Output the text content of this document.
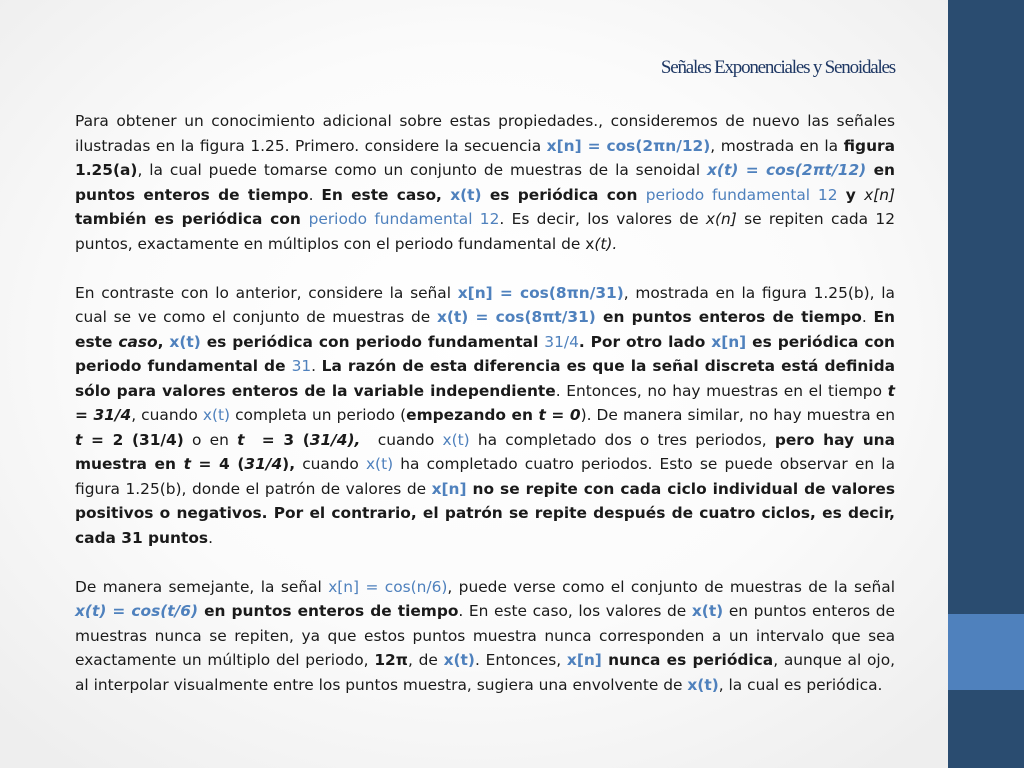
Señales Exponenciales y Senoidales

Para obtener un conocimiento adicional sobre estas propiedades., consideremos de nuevo las señales ilustradas en la figura 1.25. Primero. considere la secuencia x[n] = cos(2πn/12), mostrada en la figura 1.25(a), la cual puede tomarse como un conjunto de muestras de la senoidal x(t) = cos(2πt/12) en puntos enteros de tiempo. En este caso, x(t) es periódica con periodo fundamental 12 y x[n] también es periódica con periodo fundamental 12. Es decir, los valores de x(n] se repiten cada 12 puntos, exactamente en múltiplos con el periodo fundamental de x(t).

En contraste con lo anterior, considere la señal x[n] = cos(8πn/31), mostrada en la figura 1.25(b), la cual se ve como el conjunto de muestras de x(t) = cos(8πt/31) en puntos enteros de tiempo. En este caso, x(t) es periódica con periodo fundamental 31/4. Por otro lado x[n] es periódica con periodo fundamental de 31. La razón de esta diferencia es que la señal discreta está definida sólo para valores enteros de la variable independiente. Entonces, no hay muestras en el tiempo t = 31/4, cuando x(t) completa un periodo (empezando en t = 0). De manera similar, no hay muestra en t = 2 (31/4) o en t  = 3 (31/4),  cuando x(t) ha completado dos o tres periodos, pero hay una muestra en t = 4 (31/4), cuando x(t) ha completado cuatro periodos. Esto se puede observar en la figura 1.25(b), donde el patrón de valores de x[n] no se repite con cada ciclo individual de valores positivos o negativos. Por el contrario, el patrón se repite después de cuatro ciclos, es decir, cada 31 puntos.

De manera semejante, la señal x[n] = cos(n/6), puede verse como el conjunto de muestras de la señal x(t) = cos(t/6) en puntos enteros de tiempo. En este caso, los valores de x(t) en puntos enteros de muestras nunca se repiten, ya que estos puntos muestra nunca corresponden a un intervalo que sea exactamente un múltiplo del periodo, 12π, de x(t). Entonces, x[n] nunca es periódica, aunque al ojo, al interpolar visualmente entre los puntos muestra, sugiera una envolvente de x(t), la cual es periódica.
